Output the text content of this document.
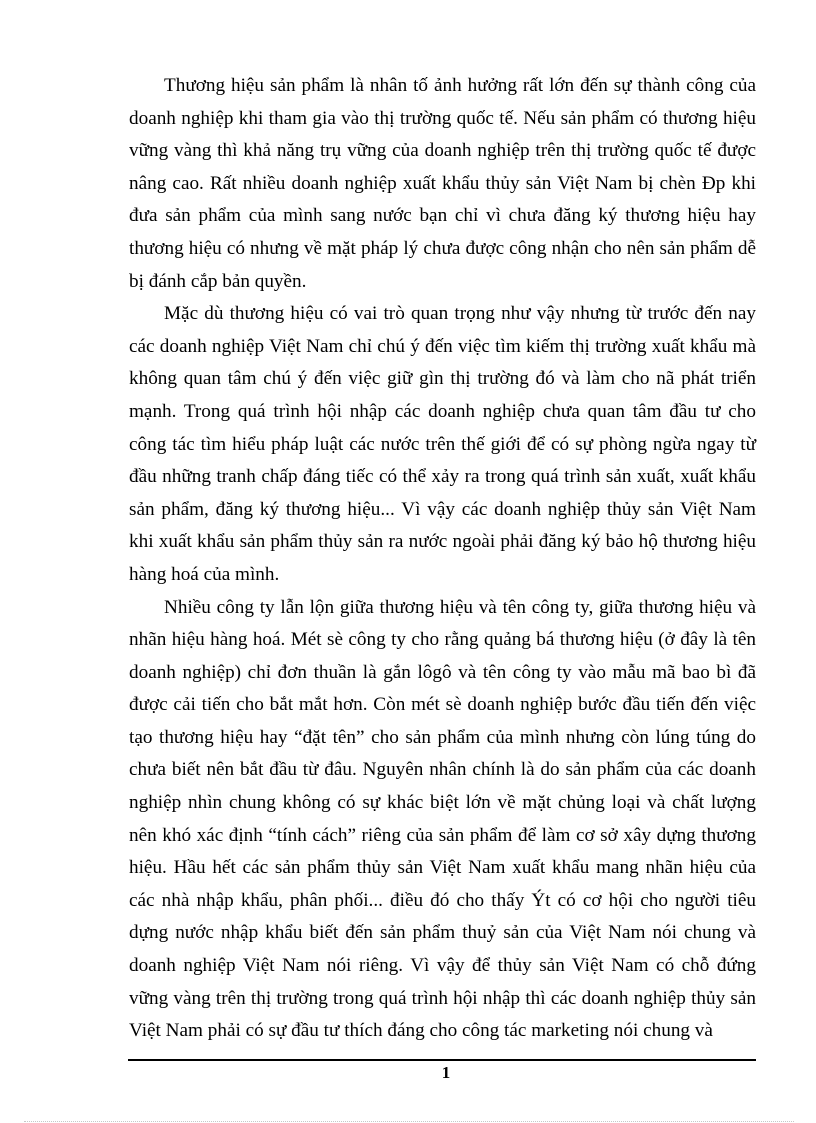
Thương hiệu sản phẩm là nhân tố ảnh hưởng rất lớn đến sự thành công của doanh nghiệp khi tham gia vào thị trường quốc tế. Nếu sản phẩm có thương hiệu vững vàng thì khả năng trụ vững của doanh nghiệp trên thị trường quốc tế được nâng cao. Rất nhiều doanh nghiệp xuất khẩu thủy sản Việt Nam bị chèn Đp khi đưa sản phẩm của mình sang nước bạn chỉ vì chưa đăng ký thương hiệu hay thương hiệu có nhưng về mặt pháp lý chưa được công nhận cho nên sản phẩm dễ bị đánh cắp bản quyền.

Mặc dù thương hiệu có vai trò quan trọng như vậy nhưng từ trước đến nay các doanh nghiệp Việt Nam chỉ chú ý đến việc tìm kiếm thị trường xuất khẩu mà không quan tâm chú ý đến việc giữ gìn thị trường đó và làm cho nã phát triển mạnh. Trong quá trình hội nhập các doanh nghiệp chưa quan tâm đầu tư cho công tác tìm hiểu pháp luật các nước trên thế giới để có sự phòng ngừa ngay từ đầu những tranh chấp đáng tiếc có thể xảy ra trong quá trình sản xuất, xuất khẩu sản phẩm, đăng ký thương hiệu... Vì vậy các doanh nghiệp thủy sản Việt Nam khi xuất khẩu sản phẩm thủy sản ra nước ngoài phải đăng ký bảo hộ thương hiệu hàng hoá của mình.

Nhiều công ty lẫn lộn giữa thương hiệu và tên công ty, giữa thương hiệu và nhãn hiệu hàng hoá. Mét sè công ty cho rằng quảng bá thương hiệu (ở đây là tên doanh nghiệp) chỉ đơn thuần là gắn lôgô và tên công ty vào mẫu mã bao bì đã được cải tiến cho bắt mắt hơn. Còn mét sè doanh nghiệp bước đầu tiến đến việc tạo thương hiệu hay “đặt tên” cho sản phẩm của mình nhưng còn lúng túng do chưa biết nên bắt đầu từ đâu. Nguyên nhân chính là do sản phẩm của các doanh nghiệp nhìn chung không có sự khác biệt lớn về mặt chủng loại và chất lượng nên khó xác định “tính cách” riêng của sản phẩm để làm cơ sở xây dựng thương hiệu. Hầu hết các sản phẩm thủy sản Việt Nam xuất khẩu mang nhãn hiệu của các nhà nhập khẩu, phân phối... điều đó cho thấy Ýt có cơ hội cho người tiêu dựng nước nhập khẩu biết đến sản phẩm thuỷ sản của Việt Nam nói chung và doanh nghiệp Việt Nam nói riêng. Vì vậy để thủy sản Việt Nam có chỗ đứng vững vàng trên thị trường trong quá trình hội nhập thì các doanh nghiệp thủy sản Việt Nam phải có sự đầu tư thích đáng cho công tác marketing nói chung và

1
